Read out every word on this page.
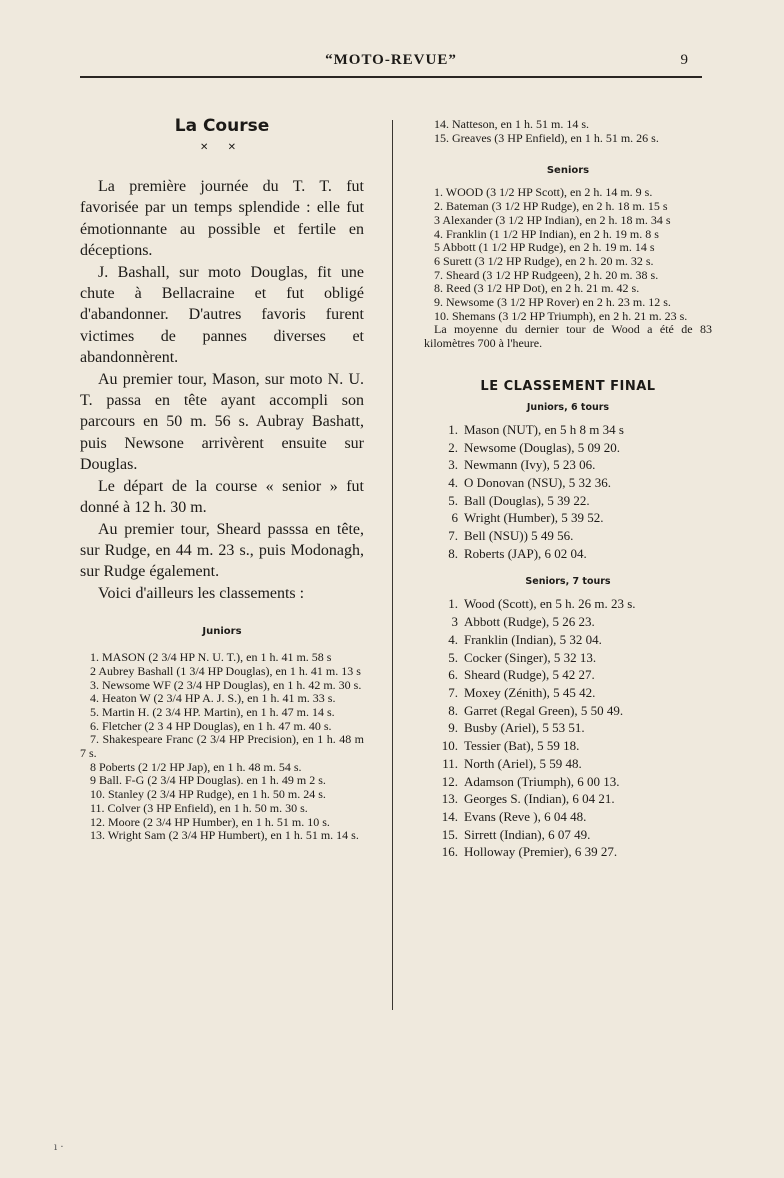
“MOTO-REVUE”	9
La Course
✕ ✕

La première journée du T. T. fut favorisée par un temps splendide : elle fut émotionnante au possible et fertile en déceptions.

J. Bashall, sur moto Douglas, fit une chute à Bellacraine et fut obligé d'abandonner. D'autres favoris furent victimes de pannes diverses et abandonnèrent.

Au premier tour, Mason, sur moto N. U. T. passa en tête ayant accompli son parcours en 50 m. 56 s. Aubray Bashatt, puis Newsone arrivèrent ensuite sur Douglas.

Le départ de la course « senior » fut donné à 12 h. 30 m.

Au premier tour, Sheard passsa en tête, sur Rudge, en 44 m. 23 s., puis Modonagh, sur Rudge également.

Voici d'ailleurs les classements :

Juniors

1. MASON (2 3/4 HP N. U. T.), en 1 h. 41 m. 58 s

2 Aubrey Bashall (1 3/4 HP Douglas), en 1 h. 41 m. 13 s

3. Newsome WF (2 3/4 HP Douglas), en 1 h. 42 m. 30 s.

4. Heaton W (2 3/4 HP A. J. S.), en 1 h. 41 m. 33 s.

5. Martin H. (2 3/4 HP. Martin), en 1 h. 47 m. 14 s.

6. Fletcher (2 3 4 HP Douglas), en 1 h. 47 m. 40 s.

7. Shakespeare Franc (2 3/4 HP Precision), en 1 h. 48 m 7 s.

8 Poberts (2 1/2 HP Jap), en 1 h. 48 m. 54 s.

9 Ball. F-G (2 3/4 HP Douglas). en 1 h. 49 m 2 s.

10. Stanley (2 3/4 HP Rudge), en 1 h. 50 m. 24 s.

11. Colver (3 HP Enfield), en 1 h. 50 m. 30 s.

12. Moore (2 3/4 HP Humber), en 1 h. 51 m. 10 s.

13. Wright Sam (2 3/4 HP Humbert), en 1 h. 51 m. 14 s.

14. Natteson, en 1 h. 51 m. 14 s.

15. Greaves (3 HP Enfield), en 1 h. 51 m. 26 s.

Seniors

1. WOOD (3 1/2 HP Scott), en 2 h. 14 m. 9 s.

2. Bateman (3 1/2 HP Rudge), en 2 h. 18 m. 15 s

3 Alexander (3 1/2 HP Indian), en 2 h. 18 m. 34 s

4. Franklin (1 1/2 HP Indian), en 2 h. 19 m. 8 s

5 Abbott (1 1/2 HP Rudge), en 2 h. 19 m. 14 s

6 Surett (3 1/2 HP Rudge), en 2 h. 20 m. 32 s.

7. Sheard (3 1/2 HP Rudgeen), 2 h. 20 m. 38 s.

8. Reed (3 1/2 HP Dot), en 2 h. 21 m. 42 s.

9. Newsome (3 1/2 HP Rover) en 2 h. 23 m. 12 s.

10. Shemans (3 1/2 HP Triumph), en 2 h. 21 m. 23 s.

La moyenne du dernier tour de Wood a été de 83 kilomètres 700 à l'heure.

LE CLASSEMENT FINAL
Juniors, 6 tours
1. Mason (NUT), en 5 h 8 m 34 s
2. Newsome (Douglas), 5 09 20.
3. Newmann (Ivy), 5 23 06.
4. O Donovan (NSU), 5 32 36.
5. Ball (Douglas), 5 39 22.
6 Wright (Humber), 5 39 52.
7. Bell (NSU)) 5 49 56.
8. Roberts (JAP), 6 02 04.
Seniors, 7 tours
1. Wood (Scott), en 5 h. 26 m. 23 s.
3 Abbott (Rudge), 5 26 23.
4. Franklin (Indian), 5 32 04.
5. Cocker (Singer), 5 32 13.
6. Sheard (Rudge), 5 42 27.
7. Moxey (Zénith), 5 45 42.
8. Garret (Regal Green), 5 50 49.
9. Busby (Ariel), 5 53 51.
10. Tessier (Bat), 5 59 18.
11. North (Ariel), 5 59 48.
12. Adamson (Triumph), 6 00 13.
13. Georges S. (Indian), 6 04 21.
14. Evans (Reve ), 6 04 48.
15. Sirrett (Indian), 6 07 49.
16. Holloway (Premier), 6 39 27.
ı ·
